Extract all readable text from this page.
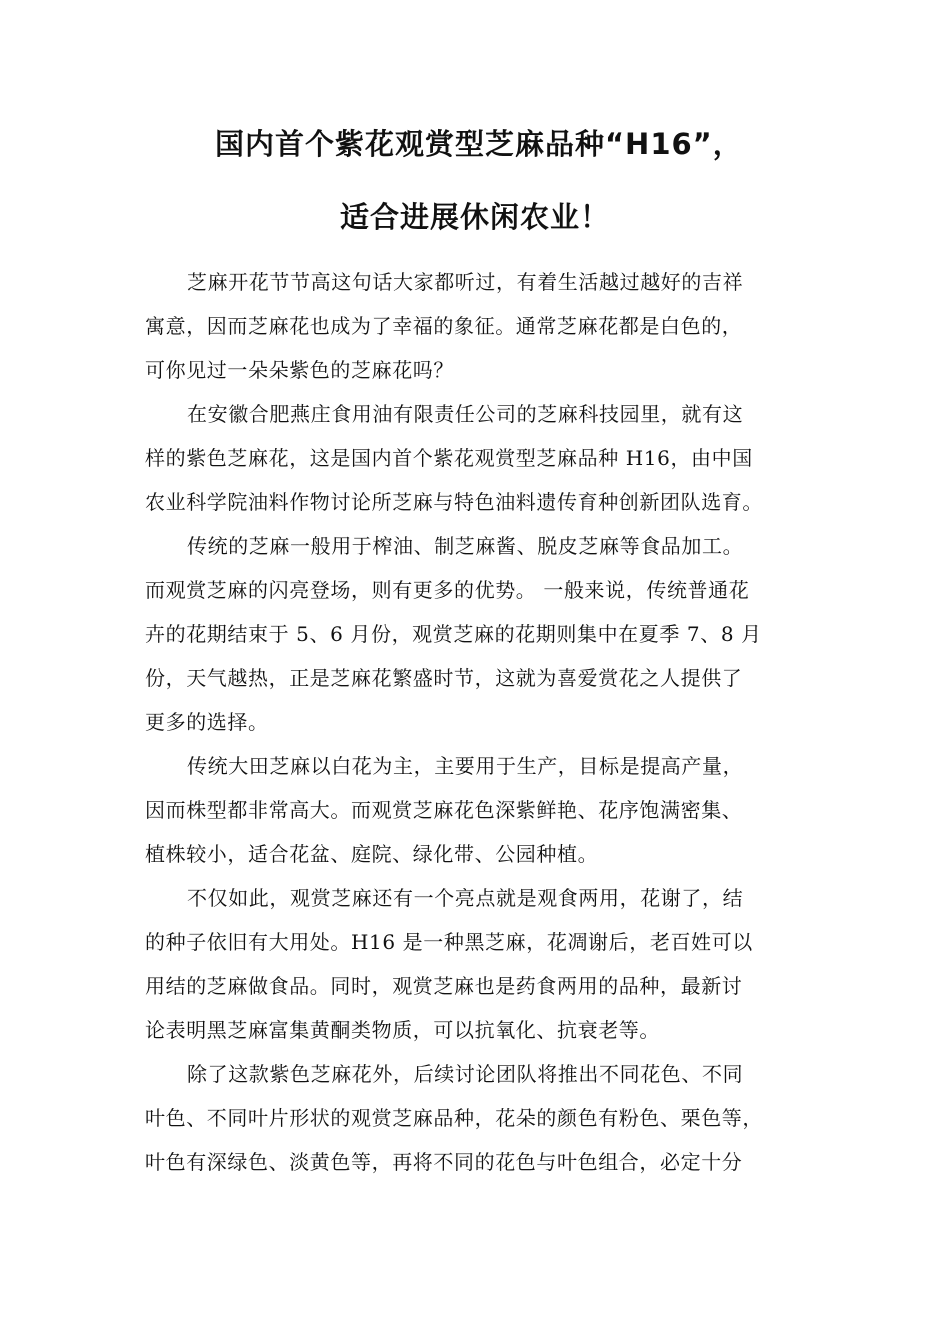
国内首个紫花观赏型芝麻品种“H16”，
适合进展休闲农业！

芝麻开花节节高这句话大家都听过，有着生活越过越好的吉祥
寓意，因而芝麻花也成为了幸福的象征。通常芝麻花都是白色的，
可你见过一朵朵紫色的芝麻花吗？

在安徽合肥燕庄食用油有限责任公司的芝麻科技园里，就有这
样的紫色芝麻花，这是国内首个紫花观赏型芝麻品种 H16，由中国
农业科学院油料作物讨论所芝麻与特色油料遗传育种创新团队选育。

传统的芝麻一般用于榨油、制芝麻酱、脱皮芝麻等食品加工。
而观赏芝麻的闪亮登场，则有更多的优势。 一般来说，传统普通花
卉的花期结束于 5、6 月份，观赏芝麻的花期则集中在夏季 7、8 月
份，天气越热，正是芝麻花繁盛时节，这就为喜爱赏花之人提供了
更多的选择。

传统大田芝麻以白花为主，主要用于生产，目标是提高产量，
因而株型都非常高大。而观赏芝麻花色深紫鲜艳、花序饱满密集、
植株较小，适合花盆、庭院、绿化带、公园种植。

不仅如此，观赏芝麻还有一个亮点就是观食两用，花谢了，结
的种子依旧有大用处。H16 是一种黑芝麻，花凋谢后，老百姓可以
用结的芝麻做食品。同时，观赏芝麻也是药食两用的品种，最新讨
论表明黑芝麻富集黄酮类物质，可以抗氧化、抗衰老等。

除了这款紫色芝麻花外，后续讨论团队将推出不同花色、不同
叶色、不同叶片形状的观赏芝麻品种，花朵的颜色有粉色、栗色等，
叶色有深绿色、淡黄色等，再将不同的花色与叶色组合，必定十分
